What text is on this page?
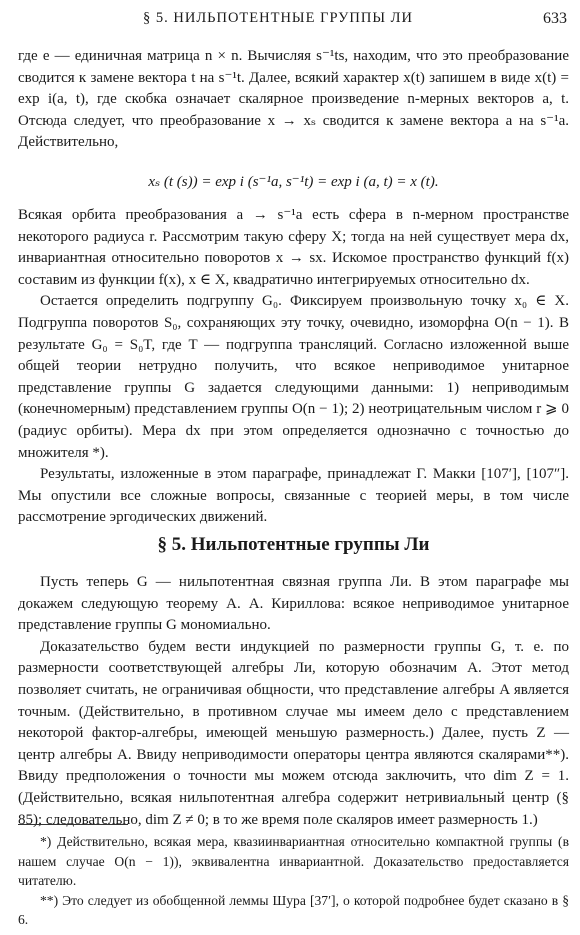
§ 5. НИЛЬПОТЕНТНЫЕ ГРУППЫ ЛИ	633

где e — единичная матрица n × n. Вычисляя s⁻¹ts, находим, что это преобразование сводится к замене вектора t на s⁻¹t. Далее, всякий характер x(t) запишем в виде x(t) = exp i(a, t), где скобка означает скалярное произведение n-мерных векторов a, t. Отсюда следует, что преобразование x → xₛ сводится к замене вектора a на s⁻¹a. Действительно,

xₛ (t (s)) = exp i (s⁻¹a, s⁻¹t) = exp i (a, t) = x (t).

Всякая орбита преобразования a → s⁻¹a есть сфера в n-мерном пространстве некоторого радиуса r. Рассмотрим такую сферу X; тогда на ней существует мера dx, инвариантная относительно поворотов x → sx. Искомое пространство функций f(x) составим из функции f(x), x ∈ X, квадратично интегрируемых относительно dx.

Остается определить подгруппу G₀. Фиксируем произвольную точку x₀ ∈ X. Подгруппа поворотов S₀, сохраняющих эту точку, очевидно, изоморфна O(n − 1). В результате G₀ = S₀T, где T — подгруппа трансляций. Согласно изложенной выше общей теории нетрудно получить, что всякое неприводимое унитарное представление группы G задается следующими данными: 1) неприводимым (конечномерным) представлением группы O(n − 1); 2) неотрицательным числом r ⩾ 0 (радиус орбиты). Мера dx при этом определяется однозначно с точностью до множителя *).

Результаты, изложенные в этом параграфе, принадлежат Г. Макки [107′], [107″]. Мы опустили все сложные вопросы, связанные с теорией меры, в том числе рассмотрение эргодических движений.

§ 5. Нильпотентные группы Ли

Пусть теперь G — нильпотентная связная группа Ли. В этом параграфе мы докажем следующую теорему А. А. Кириллова: всякое неприводимое унитарное представление группы G мономиально.

Доказательство будем вести индукцией по размерности группы G, т. е. по размерности соответствующей алгебры Ли, которую обозначим A. Этот метод позволяет считать, не ограничивая общности, что представление алгебры A является точным. (Действительно, в противном случае мы имеем дело с представлением некоторой фактор-алгебры, имеющей меньшую размерность.) Далее, пусть Z — центр алгебры A. Ввиду неприводимости операторы центра являются скалярами**). Ввиду предположения о точности мы можем отсюда заключить, что dim Z = 1. (Действительно, всякая нильпотентная алгебра содержит нетривиальный центр (§ 85); следовательно, dim Z ≠ 0; в то же время поле скаляров имеет размерность 1.)

*) Действительно, всякая мера, квазиинвариантная относительно компактной группы (в нашем случае O(n − 1)), эквивалентна инвариантной. Доказательство предоставляется читателю.

**) Это следует из обобщенной леммы Шура [37′], о которой подробнее будет сказано в § 6.
